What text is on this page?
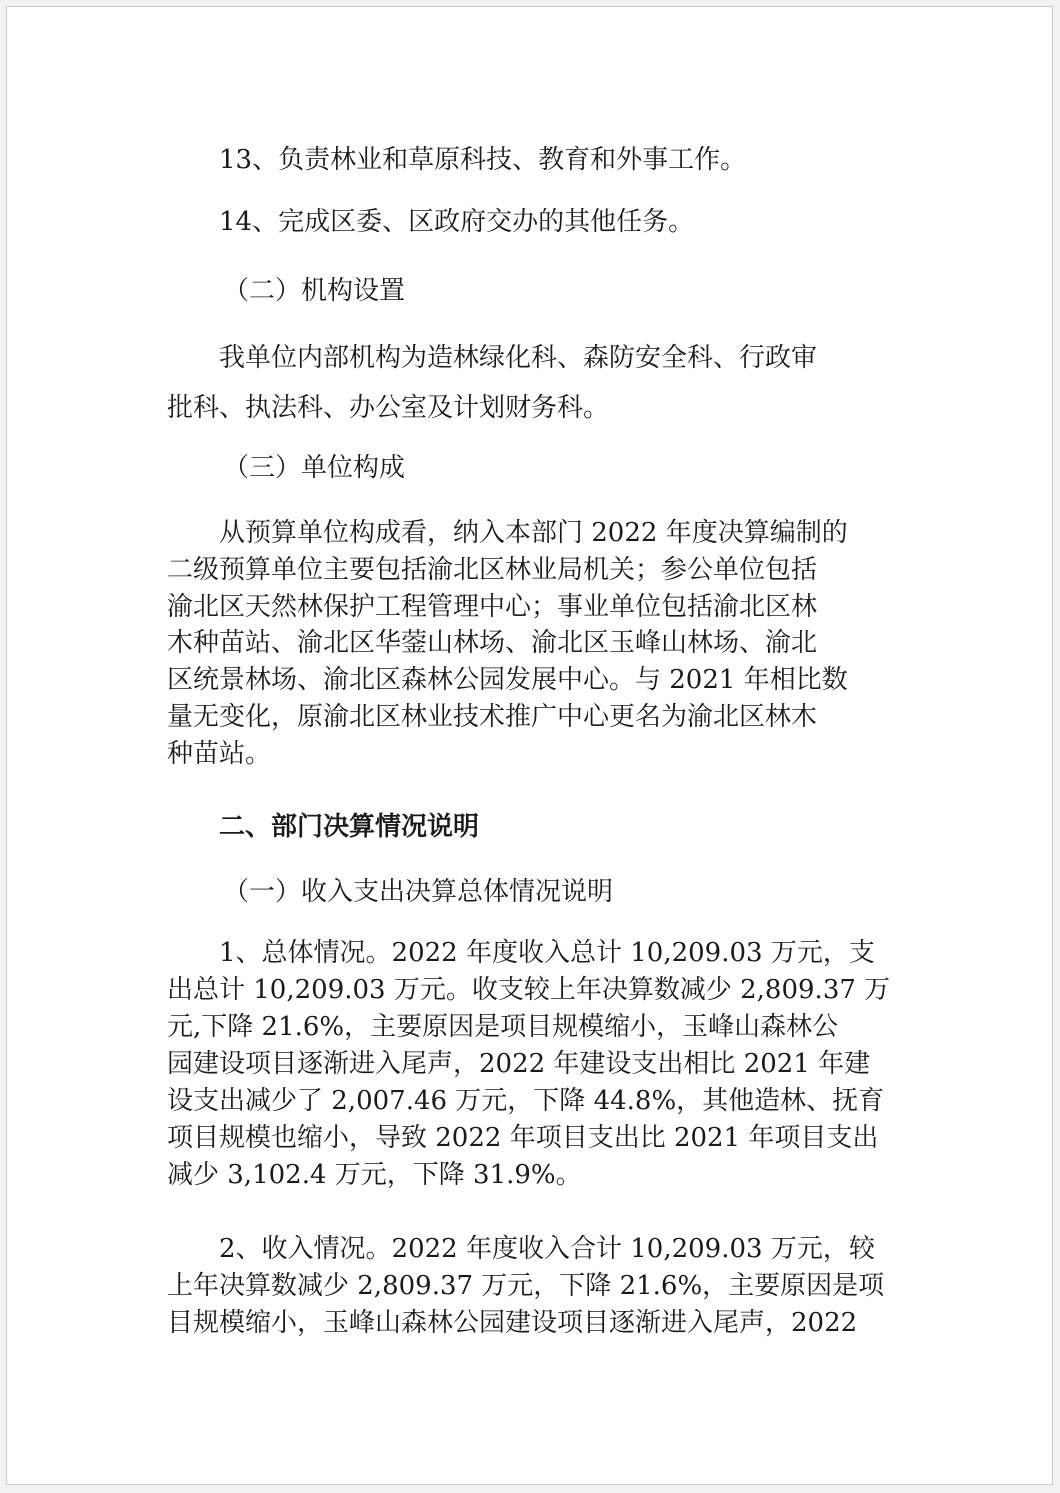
13、负责林业和草原科技、教育和外事工作。

14、完成区委、区政府交办的其他任务。

（二）机构设置

我单位内部机构为造林绿化科、森防安全科、行政审
批科、执法科、办公室及计划财务科。

（三）单位构成

从预算单位构成看，纳入本部门 2022 年度决算编制的
二级预算单位主要包括渝北区林业局机关；参公单位包括
渝北区天然林保护工程管理中心；事业单位包括渝北区林
木种苗站、渝北区华蓥山林场、渝北区玉峰山林场、渝北
区统景林场、渝北区森林公园发展中心。与 2021 年相比数
量无变化，原渝北区林业技术推广中心更名为渝北区林木
种苗站。

二、部门决算情况说明

（一）收入支出决算总体情况说明

1、总体情况。2022 年度收入总计 10,209.03 万元，支
出总计 10,209.03 万元。收支较上年决算数减少 2,809.37 万
元,下降 21.6%，主要原因是项目规模缩小，玉峰山森林公
园建设项目逐渐进入尾声，2022 年建设支出相比 2021 年建
设支出减少了 2,007.46 万元，下降 44.8%，其他造林、抚育
项目规模也缩小，导致 2022 年项目支出比 2021 年项目支出
减少 3,102.4 万元，下降 31.9%。
2、收入情况。2022 年度收入合计 10,209.03 万元，较
上年决算数减少 2,809.37 万元，下降 21.6%，主要原因是项
目规模缩小，玉峰山森林公园建设项目逐渐进入尾声，2022
